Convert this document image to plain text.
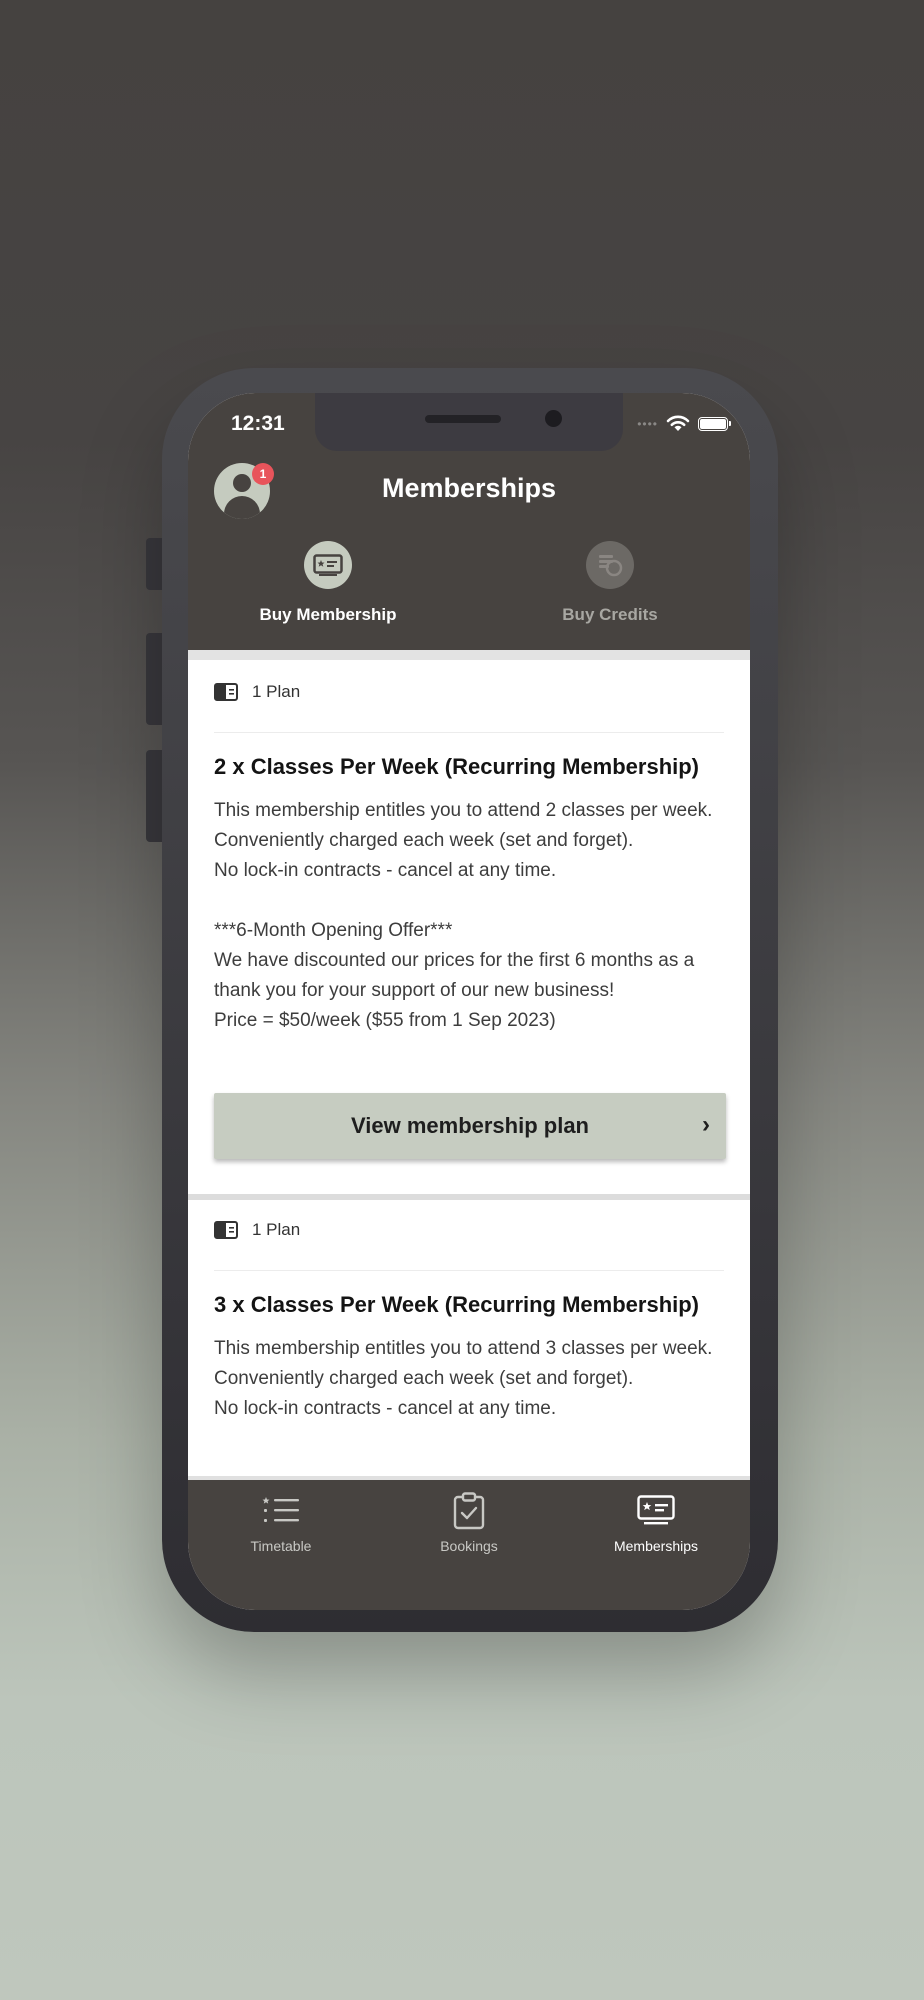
12:31	••••
1	Memberships
Buy Membership	Buy Credits
1 Plan
2 x Classes Per Week (Recurring Membership)
This membership entitles you to attend 2 classes per week.
Conveniently charged each week (set and forget).
No lock-in contracts - cancel at any time.
***6-Month Opening Offer***
We have discounted our prices for the first 6 months as a thank you for your support of our new business!
Price = $50/week ($55 from 1 Sep 2023)
View membership plan	›
1 Plan
3 x Classes Per Week (Recurring Membership)
This membership entitles you to attend 3 classes per week.
Conveniently charged each week (set and forget).
No lock-in contracts - cancel at any time.
Timetable	Bookings	Memberships
